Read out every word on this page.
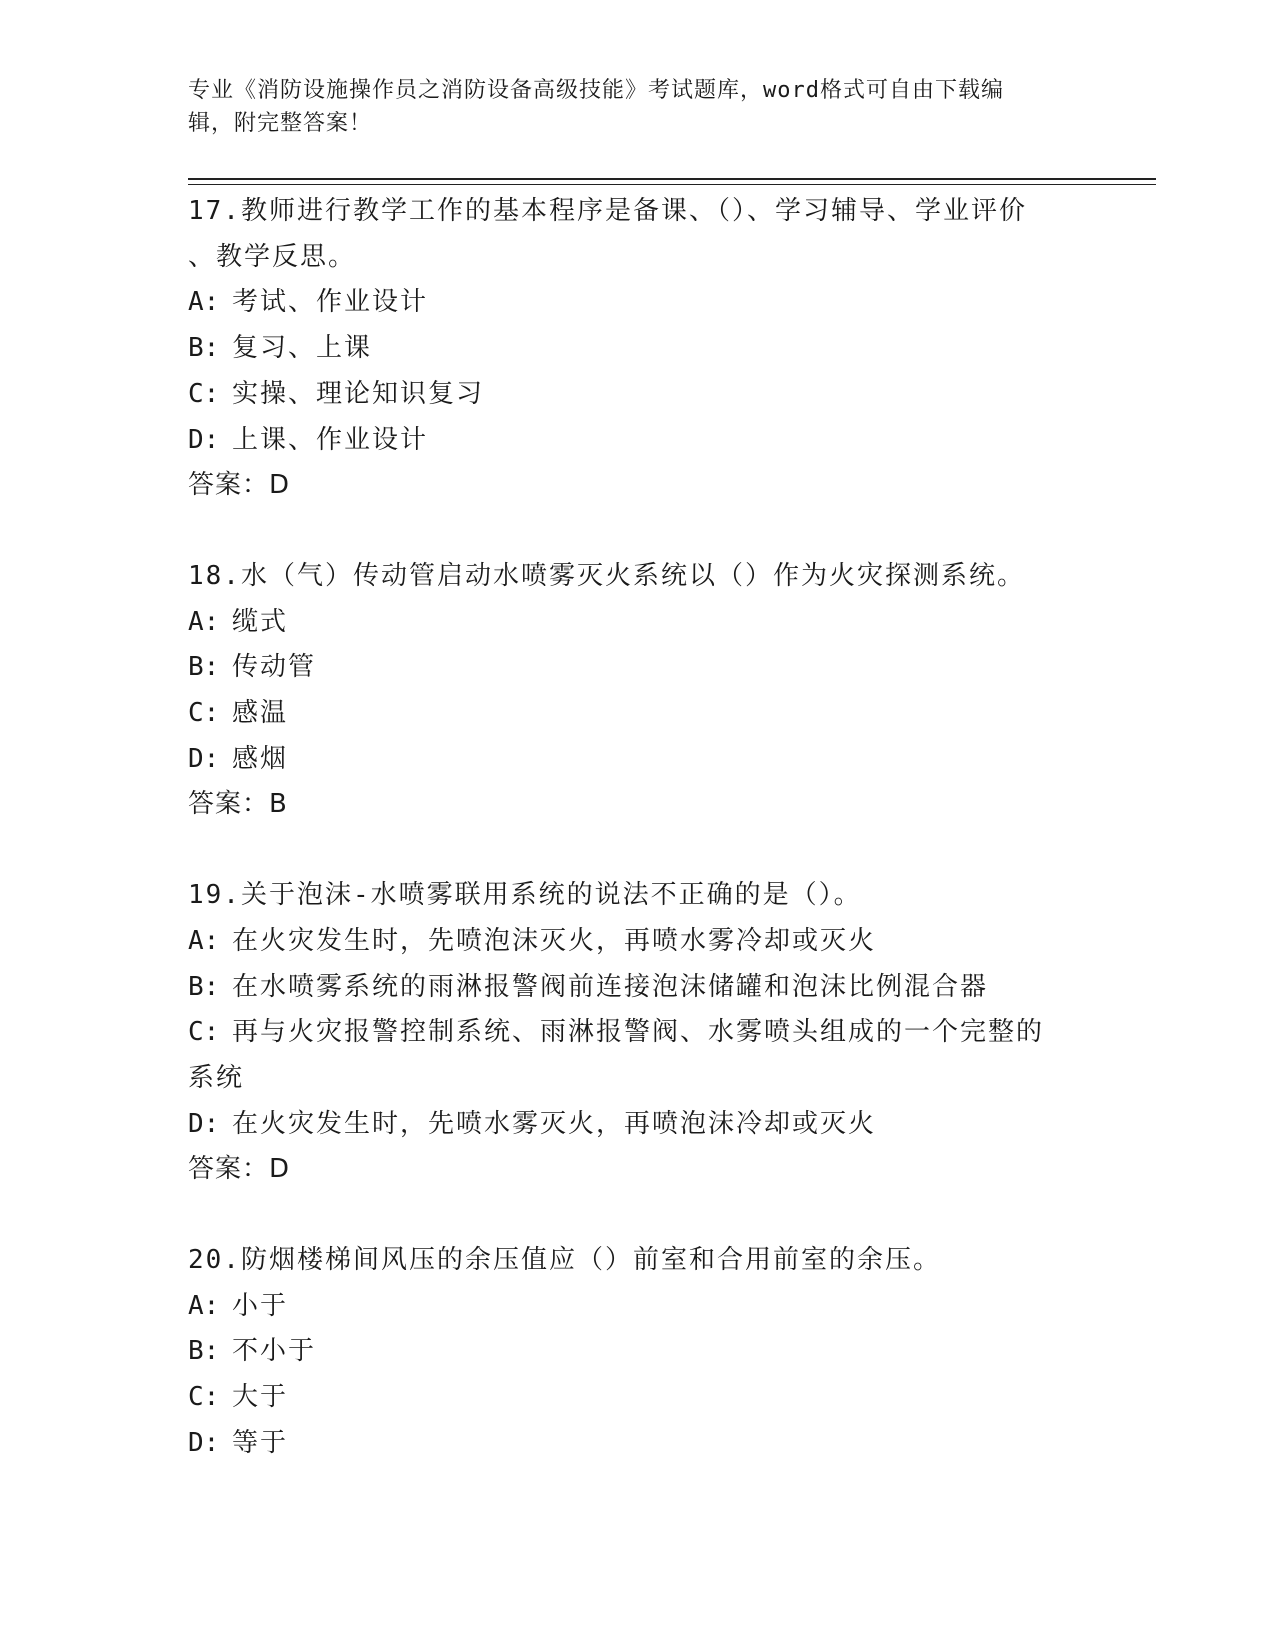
专业《消防设施操作员之消防设备高级技能》考试题库，word格式可自由下载编
辑，附完整答案！
17.教师进行教学工作的基本程序是备课、（）、学习辅导、学业评价
、教学反思。
A: 考试、作业设计
B: 复习、上课
C: 实操、理论知识复习
D: 上课、作业设计
答案：D
18.水（气）传动管启动水喷雾灭火系统以（）作为火灾探测系统。
A: 缆式
B: 传动管
C: 感温
D: 感烟
答案：B
19.关于泡沫-水喷雾联用系统的说法不正确的是（）。
A: 在火灾发生时，先喷泡沫灭火，再喷水雾冷却或灭火
B: 在水喷雾系统的雨淋报警阀前连接泡沫储罐和泡沫比例混合器
C: 再与火灾报警控制系统、雨淋报警阀、水雾喷头组成的一个完整的
系统
D: 在火灾发生时，先喷水雾灭火，再喷泡沫冷却或灭火
答案：D
20.防烟楼梯间风压的余压值应（）前室和合用前室的余压。
A: 小于
B: 不小于
C: 大于
D: 等于
